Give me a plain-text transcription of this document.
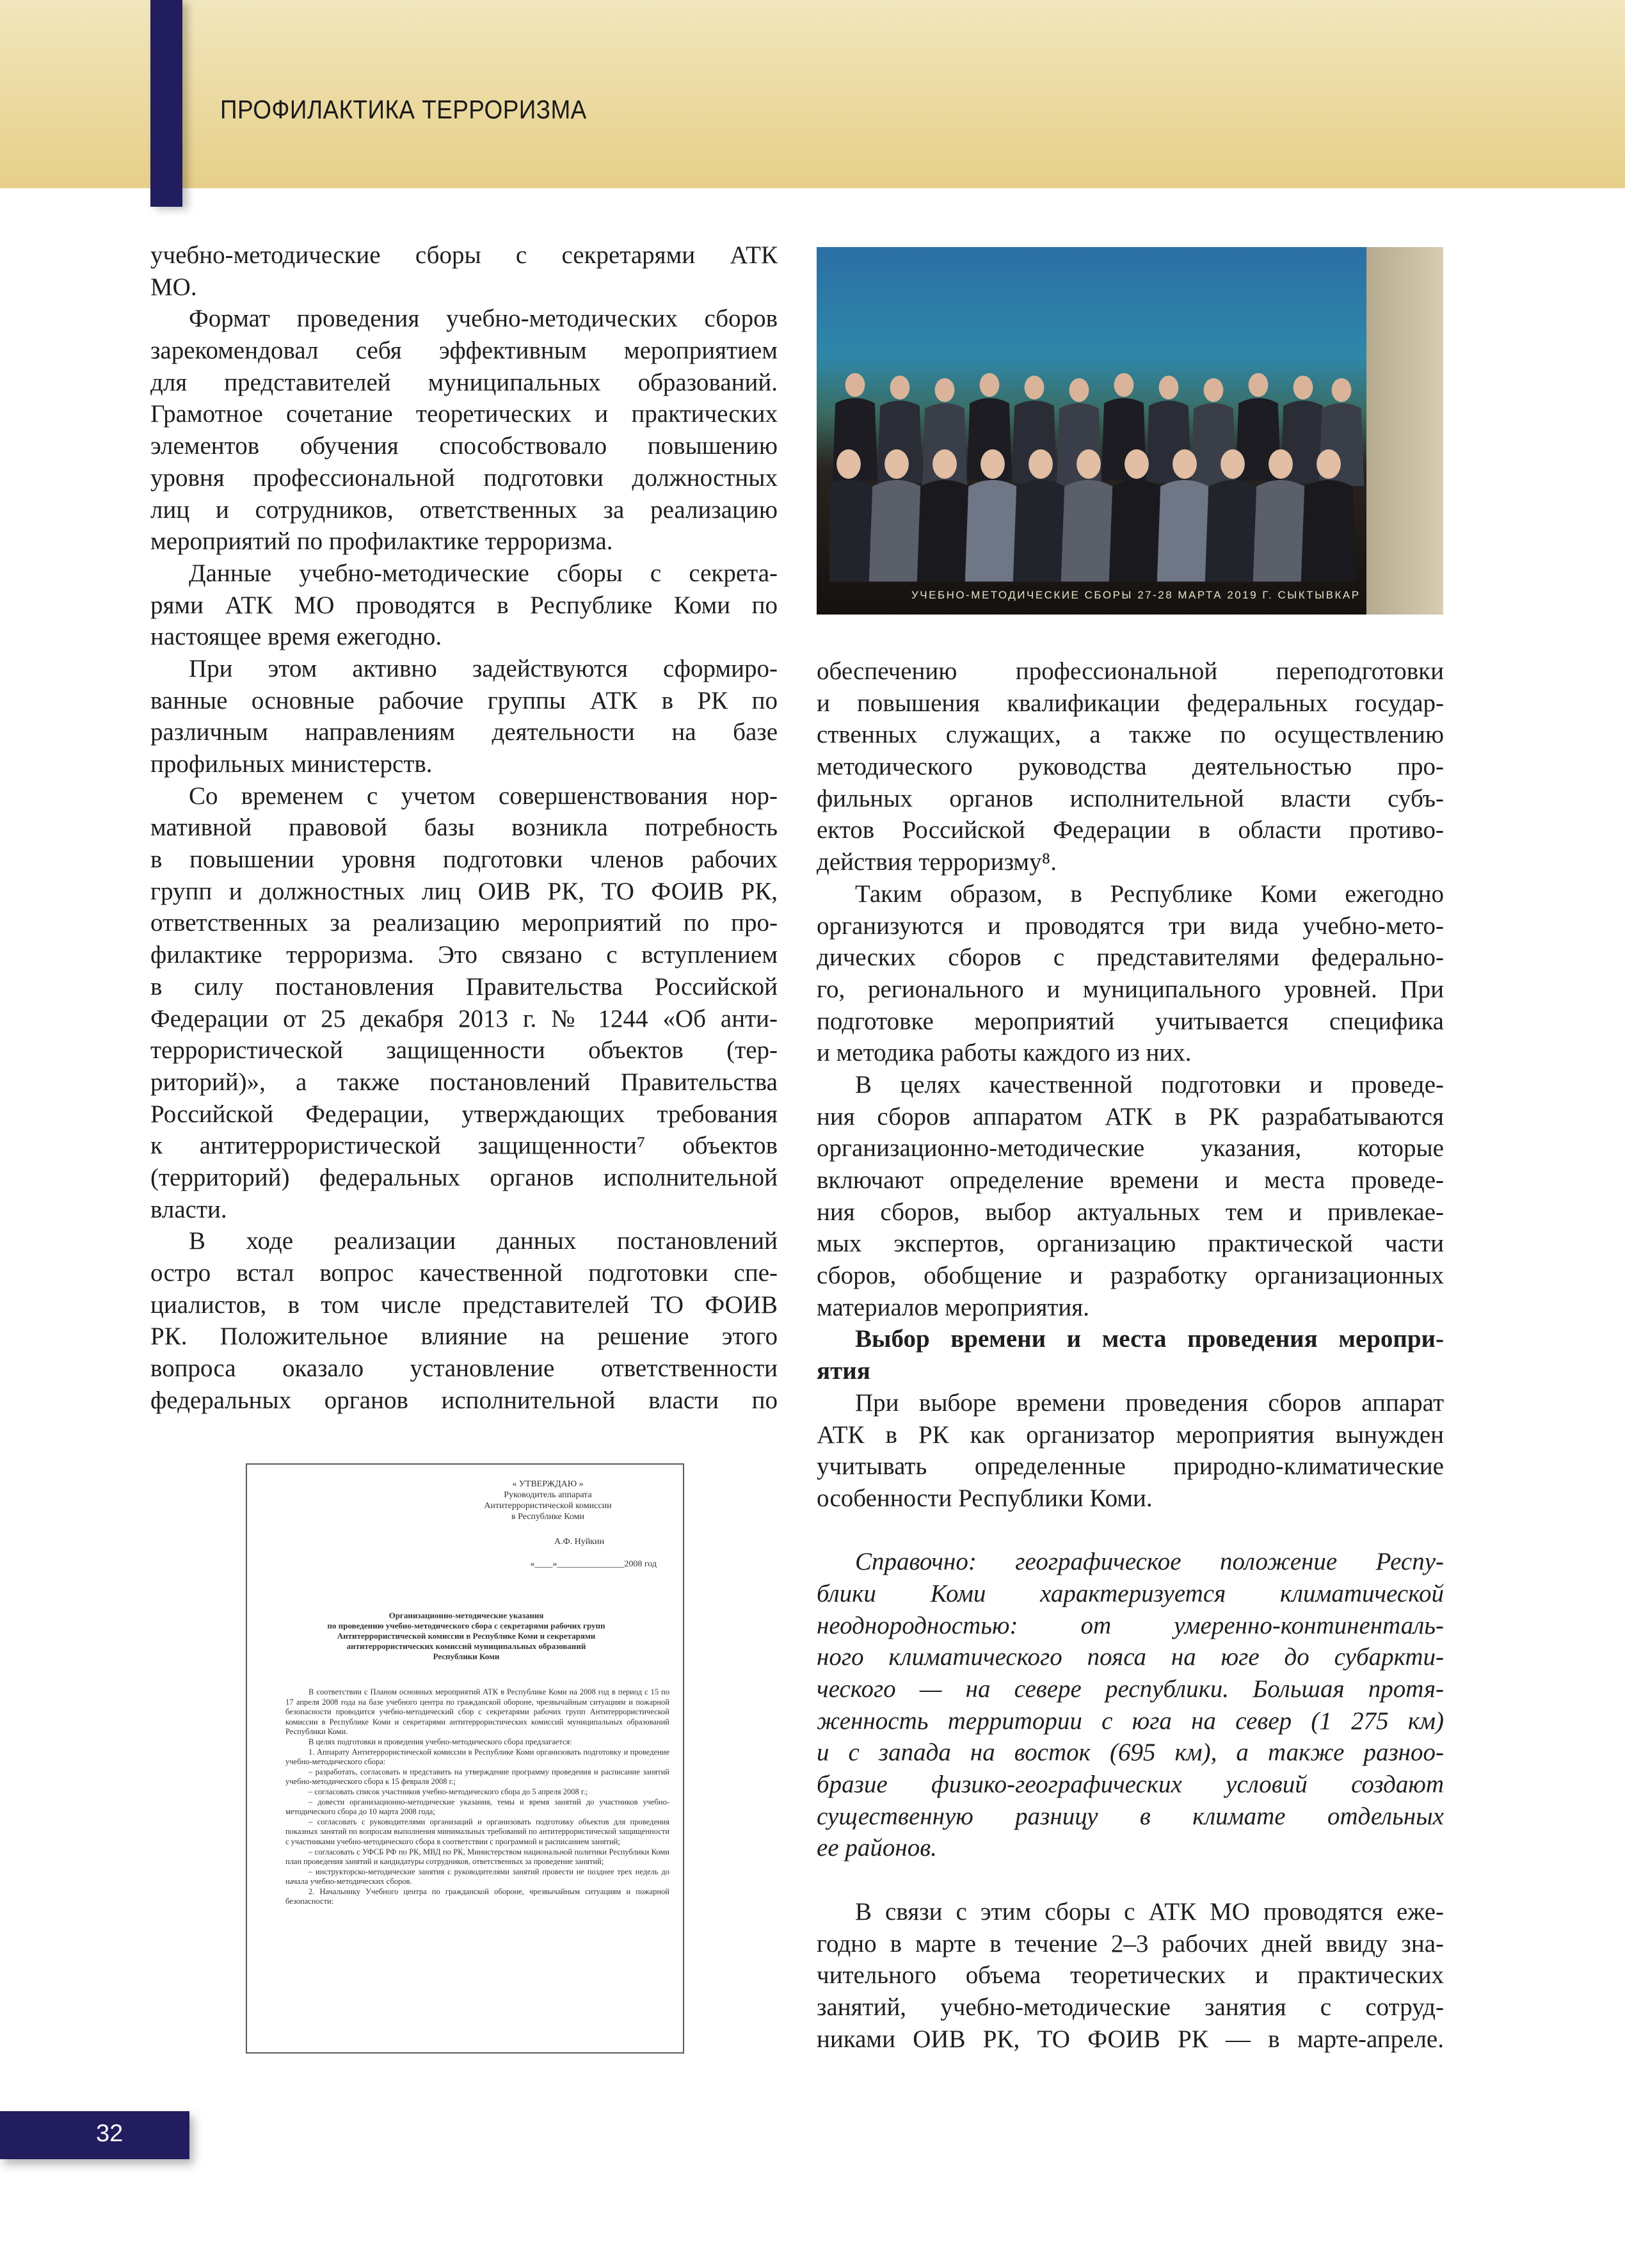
ПРОФИЛАКТИКА ТЕРРОРИЗМА
учебно-методические сборы с секретарями АТК
МО.
Формат проведения учебно-методических сборов
зарекомендовал себя эффективным мероприятием
для представителей муниципальных образований.
Грамотное сочетание теоретических и практических
элементов обучения способствовало повышению
уровня профессиональной подготовки должностных
лиц и сотрудников, ответственных за реализацию
мероприятий по профилактике терроризма.
Данные учебно-методические сборы с секрета-
рями АТК МО проводятся в Республике Коми по
настоящее время ежегодно.
При этом активно задействуются сформиро-
ванные основные рабочие группы АТК в РК по
различным направлениям деятельности на базе
профильных министерств.
Со временем с учетом совершенствования нор-
мативной правовой базы возникла потребность
в повышении уровня подготовки членов рабочих
групп и должностных лиц ОИВ РК, ТО ФОИВ РК,
ответственных за реализацию мероприятий по про-
филактике терроризма. Это связано с вступлением
в силу постановления Правительства Российской
Федерации от 25 декабря 2013 г. № 1244 «Об анти-
террористической защищенности объектов (тер-
риторий)», а также постановлений Правительства
Российской Федерации, утверждающих требования
к антитеррористической защищенности⁷ объектов
(территорий) федеральных органов исполнительной
власти.
В ходе реализации данных постановлений
остро встал вопрос качественной подготовки спе-
циалистов, в том числе представителей ТО ФОИВ
РК. Положительное влияние на решение этого
вопроса оказало установление ответственности
федеральных органов исполнительной власти по
УЧЕБНО-МЕТОДИЧЕСКИЕ СБОРЫ 27-28 МАРТА 2019 Г. СЫКТЫВКАР
обеспечению профессиональной переподготовки
и повышения квалификации федеральных государ-
ственных служащих, а также по осуществлению
методического руководства деятельностью про-
фильных органов исполнительной власти субъ-
ектов Российской Федерации в области противо-
действия терроризму⁸.
Таким образом, в Республике Коми ежегодно
организуются и проводятся три вида учебно-мето-
дических сборов с представителями федерально-
го, регионального и муниципального уровней. При
подготовке мероприятий учитывается специфика
и методика работы каждого из них.
В целях качественной подготовки и проведе-
ния сборов аппаратом АТК в РК разрабатываются
организационно-методические указания, которые
включают определение времени и места проведе-
ния сборов, выбор актуальных тем и привлекае-
мых экспертов, организацию практической части
сборов, обобщение и разработку организационных
материалов мероприятия.
Выбор времени и места проведения меропри-
ятия
При выборе времени проведения сборов аппарат
АТК в РК как организатор мероприятия вынужден
учитывать определенные природно-климатические
особенности Республики Коми.
Справочно: географическое положение Респу-
блики Коми характеризуется климатической
неоднородностью: от умеренно-континенталь-
ного климатического пояса на юге до субаркти-
ческого — на севере республики. Большая протя-
женность территории с юга на север (1 275 км)
и с запада на восток (695 км), а также разноо-
бразие физико-географических условий создают
существенную разницу в климате отдельных
ее районов.
В связи с этим сборы с АТК МО проводятся еже-
годно в марте в течение 2–3 рабочих дней ввиду зна-
чительного объема теоретических и практических
занятий, учебно-методические занятия с сотруд-
никами ОИВ РК, ТО ФОИВ РК — в марте-апреле.
« УТВЕРЖДАЮ »
Руководитель аппарата
Антитеррористической комиссии
в Республике Коми
А.Ф. Нуйкин
«____»_______________2008 год
Организационно-методические указания
по проведению учебно-методического сбора с секретарями рабочих групп
Антитеррористической комиссии в Республике Коми и секретарями
антитеррористических комиссий муниципальных образований
Республики Коми

В соответствии с Планом основных мероприятий АТК в Республике Коми на 2008 год в период с 15 по 17 апреля 2008 года на базе учебного центра по гражданской обороне, чрезвычайным ситуациям и пожарной безопасности проводится учебно-методический сбор с секретарями рабочих групп Антитеррористической комиссии в Республике Коми и секретарями антитеррористических комиссий муниципальных образований Республики Коми.

В целях подготовки и проведения учебно-методического сбора предлагается:

1. Аппарату Антитеррористической комиссии в Республике Коми организовать подготовку и проведение учебно-методического сбора:

– разработать, согласовать и представить на утверждение программу проведения и расписание занятий учебно-методического сбора к 15 февраля 2008 г.;

– согласовать список участников учебно-методического сбора до 5 апреля 2008 г.;

– довести организационно-методические указания, темы и время занятий до участников учебно-методического сбора до 10 марта 2008 года;

– согласовать с руководителями организаций и организовать подготовку объектов для проведения показных занятий по вопросам выполнения минимальных требований по антитеррористической защищенности с участниками учебно-методического сбора в соответствии с программой и расписанием занятий;

– согласовать с УФСБ РФ по РК, МВД по РК, Министерством национальной политики Республики Коми план проведения занятий и кандидатуры сотрудников, ответственных за проведение занятий;

– инструкторско-методические занятия с руководителями занятий провести не позднее трех недель до начала учебно-методических сборов.

2. Начальнику Учебного центра по гражданской обороне, чрезвычайным ситуациям и пожарной безопасности:

32
